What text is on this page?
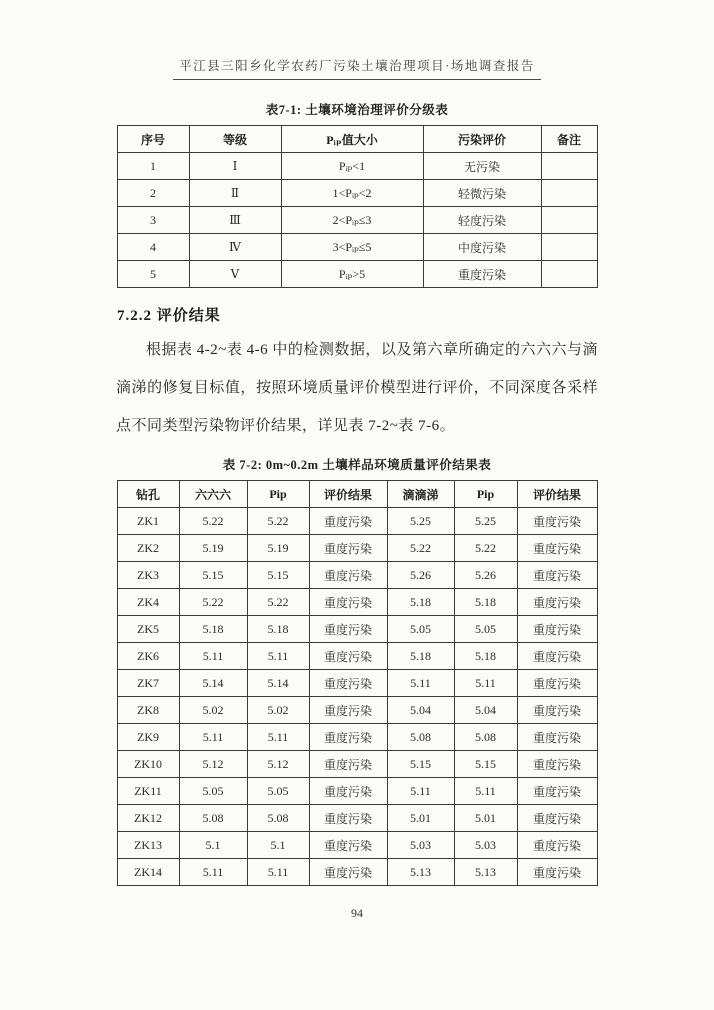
平江县三阳乡化学农药厂污染土壤治理项目·场地调查报告
表7-1: 土壤环境治理评价分级表
序号	等级	Pᵢₚ值大小	污染评价	备注
1	Ⅰ	Pᵢₚ<1	无污染	
2	Ⅱ	1<Pᵢₚ<2	轻微污染	
3	Ⅲ	2<Pᵢₚ≤3	轻度污染	
4	Ⅳ	3<Pᵢₚ≤5	中度污染	
5	Ⅴ	Pᵢₚ>5	重度污染	
7.2.2 评价结果
根据表 4-2~表 4-6 中的检测数据，以及第六章所确定的六六六与滴滴涕的修复目标值，按照环境质量评价模型进行评价，不同深度各采样点不同类型污染物评价结果，详见表 7-2~表 7-6。
表 7-2: 0m~0.2m 土壤样品环境质量评价结果表
钻孔	六六六	Pip	评价结果	滴滴涕	Pip	评价结果
ZK1	5.22	5.22	重度污染	5.25	5.25	重度污染
ZK2	5.19	5.19	重度污染	5.22	5.22	重度污染
ZK3	5.15	5.15	重度污染	5.26	5.26	重度污染
ZK4	5.22	5.22	重度污染	5.18	5.18	重度污染
ZK5	5.18	5.18	重度污染	5.05	5.05	重度污染
ZK6	5.11	5.11	重度污染	5.18	5.18	重度污染
ZK7	5.14	5.14	重度污染	5.11	5.11	重度污染
ZK8	5.02	5.02	重度污染	5.04	5.04	重度污染
ZK9	5.11	5.11	重度污染	5.08	5.08	重度污染
ZK10	5.12	5.12	重度污染	5.15	5.15	重度污染
ZK11	5.05	5.05	重度污染	5.11	5.11	重度污染
ZK12	5.08	5.08	重度污染	5.01	5.01	重度污染
ZK13	5.1	5.1	重度污染	5.03	5.03	重度污染
ZK14	5.11	5.11	重度污染	5.13	5.13	重度污染
94
